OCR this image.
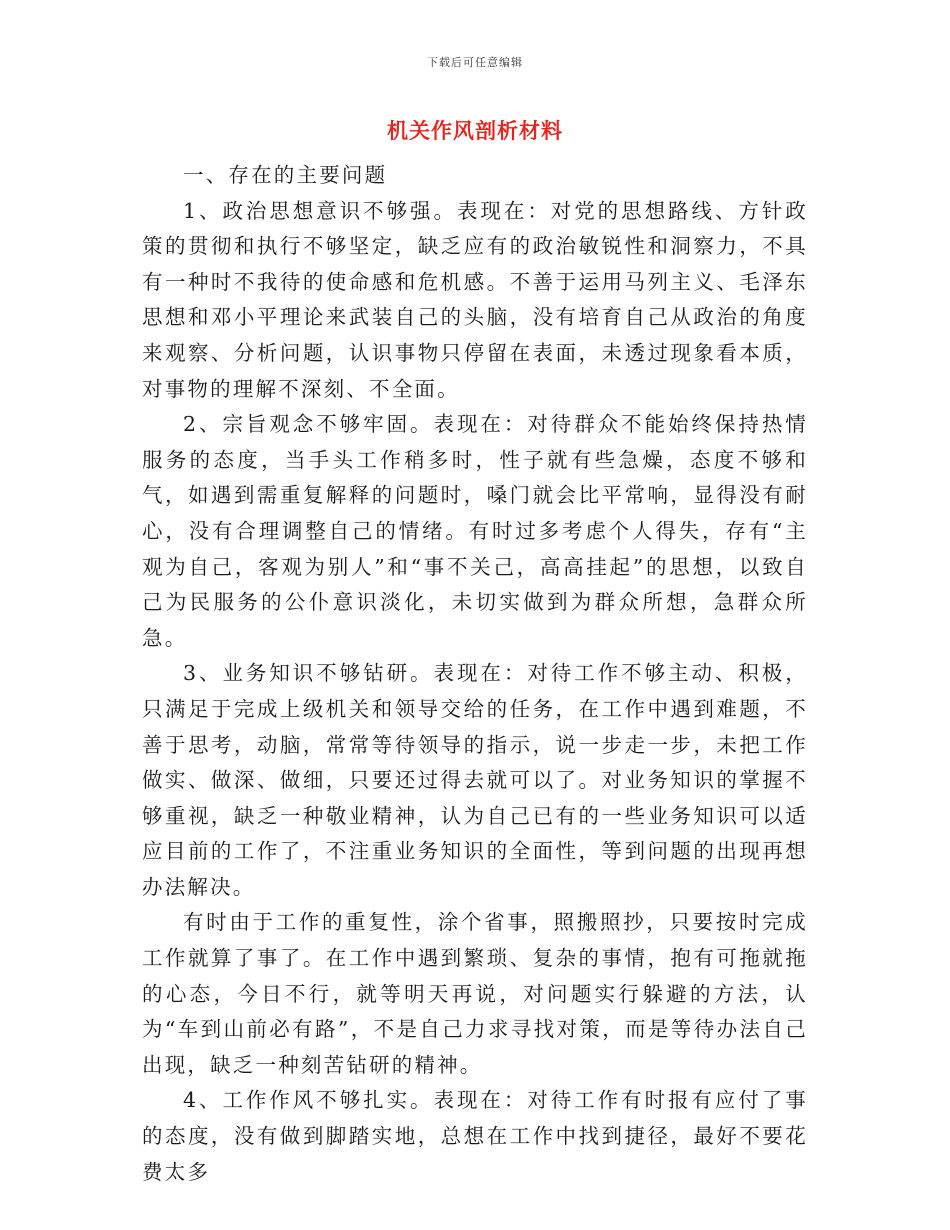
下载后可任意编辑
机关作风剖析材料

一、存在的主要问题

1、政治思想意识不够强。表现在：对党的思想路线、方针政策的贯彻和执行不够坚定，缺乏应有的政治敏锐性和洞察力，不具有一种时不我待的使命感和危机感。不善于运用马列主义、毛泽东思想和邓小平理论来武装自己的头脑，没有培育自己从政治的角度来观察、分析问题，认识事物只停留在表面，未透过现象看本质，对事物的理解不深刻、不全面。

2、宗旨观念不够牢固。表现在：对待群众不能始终保持热情服务的态度，当手头工作稍多时，性子就有些急燥，态度不够和气，如遇到需重复解释的问题时，嗓门就会比平常响，显得没有耐心，没有合理调整自己的情绪。有时过多考虑个人得失，存有“主观为自己，客观为别人”和“事不关己，高高挂起”的思想，以致自己为民服务的公仆意识淡化，未切实做到为群众所想，急群众所急。

3、业务知识不够钻研。表现在：对待工作不够主动、积极，只满足于完成上级机关和领导交给的任务，在工作中遇到难题，不善于思考，动脑，常常等待领导的指示，说一步走一步，未把工作做实、做深、做细，只要还过得去就可以了。对业务知识的掌握不够重视，缺乏一种敬业精神，认为自己已有的一些业务知识可以适应目前的工作了，不注重业务知识的全面性，等到问题的出现再想办法解决。

有时由于工作的重复性，涂个省事，照搬照抄，只要按时完成工作就算了事了。在工作中遇到繁琐、复杂的事情，抱有可拖就拖的心态，今日不行，就等明天再说，对问题实行躲避的方法，认为“车到山前必有路”，不是自己力求寻找对策，而是等待办法自己出现，缺乏一种刻苦钻研的精神。

4、工作作风不够扎实。表现在：对待工作有时报有应付了事的态度，没有做到脚踏实地，总想在工作中找到捷径，最好不要花费太多
